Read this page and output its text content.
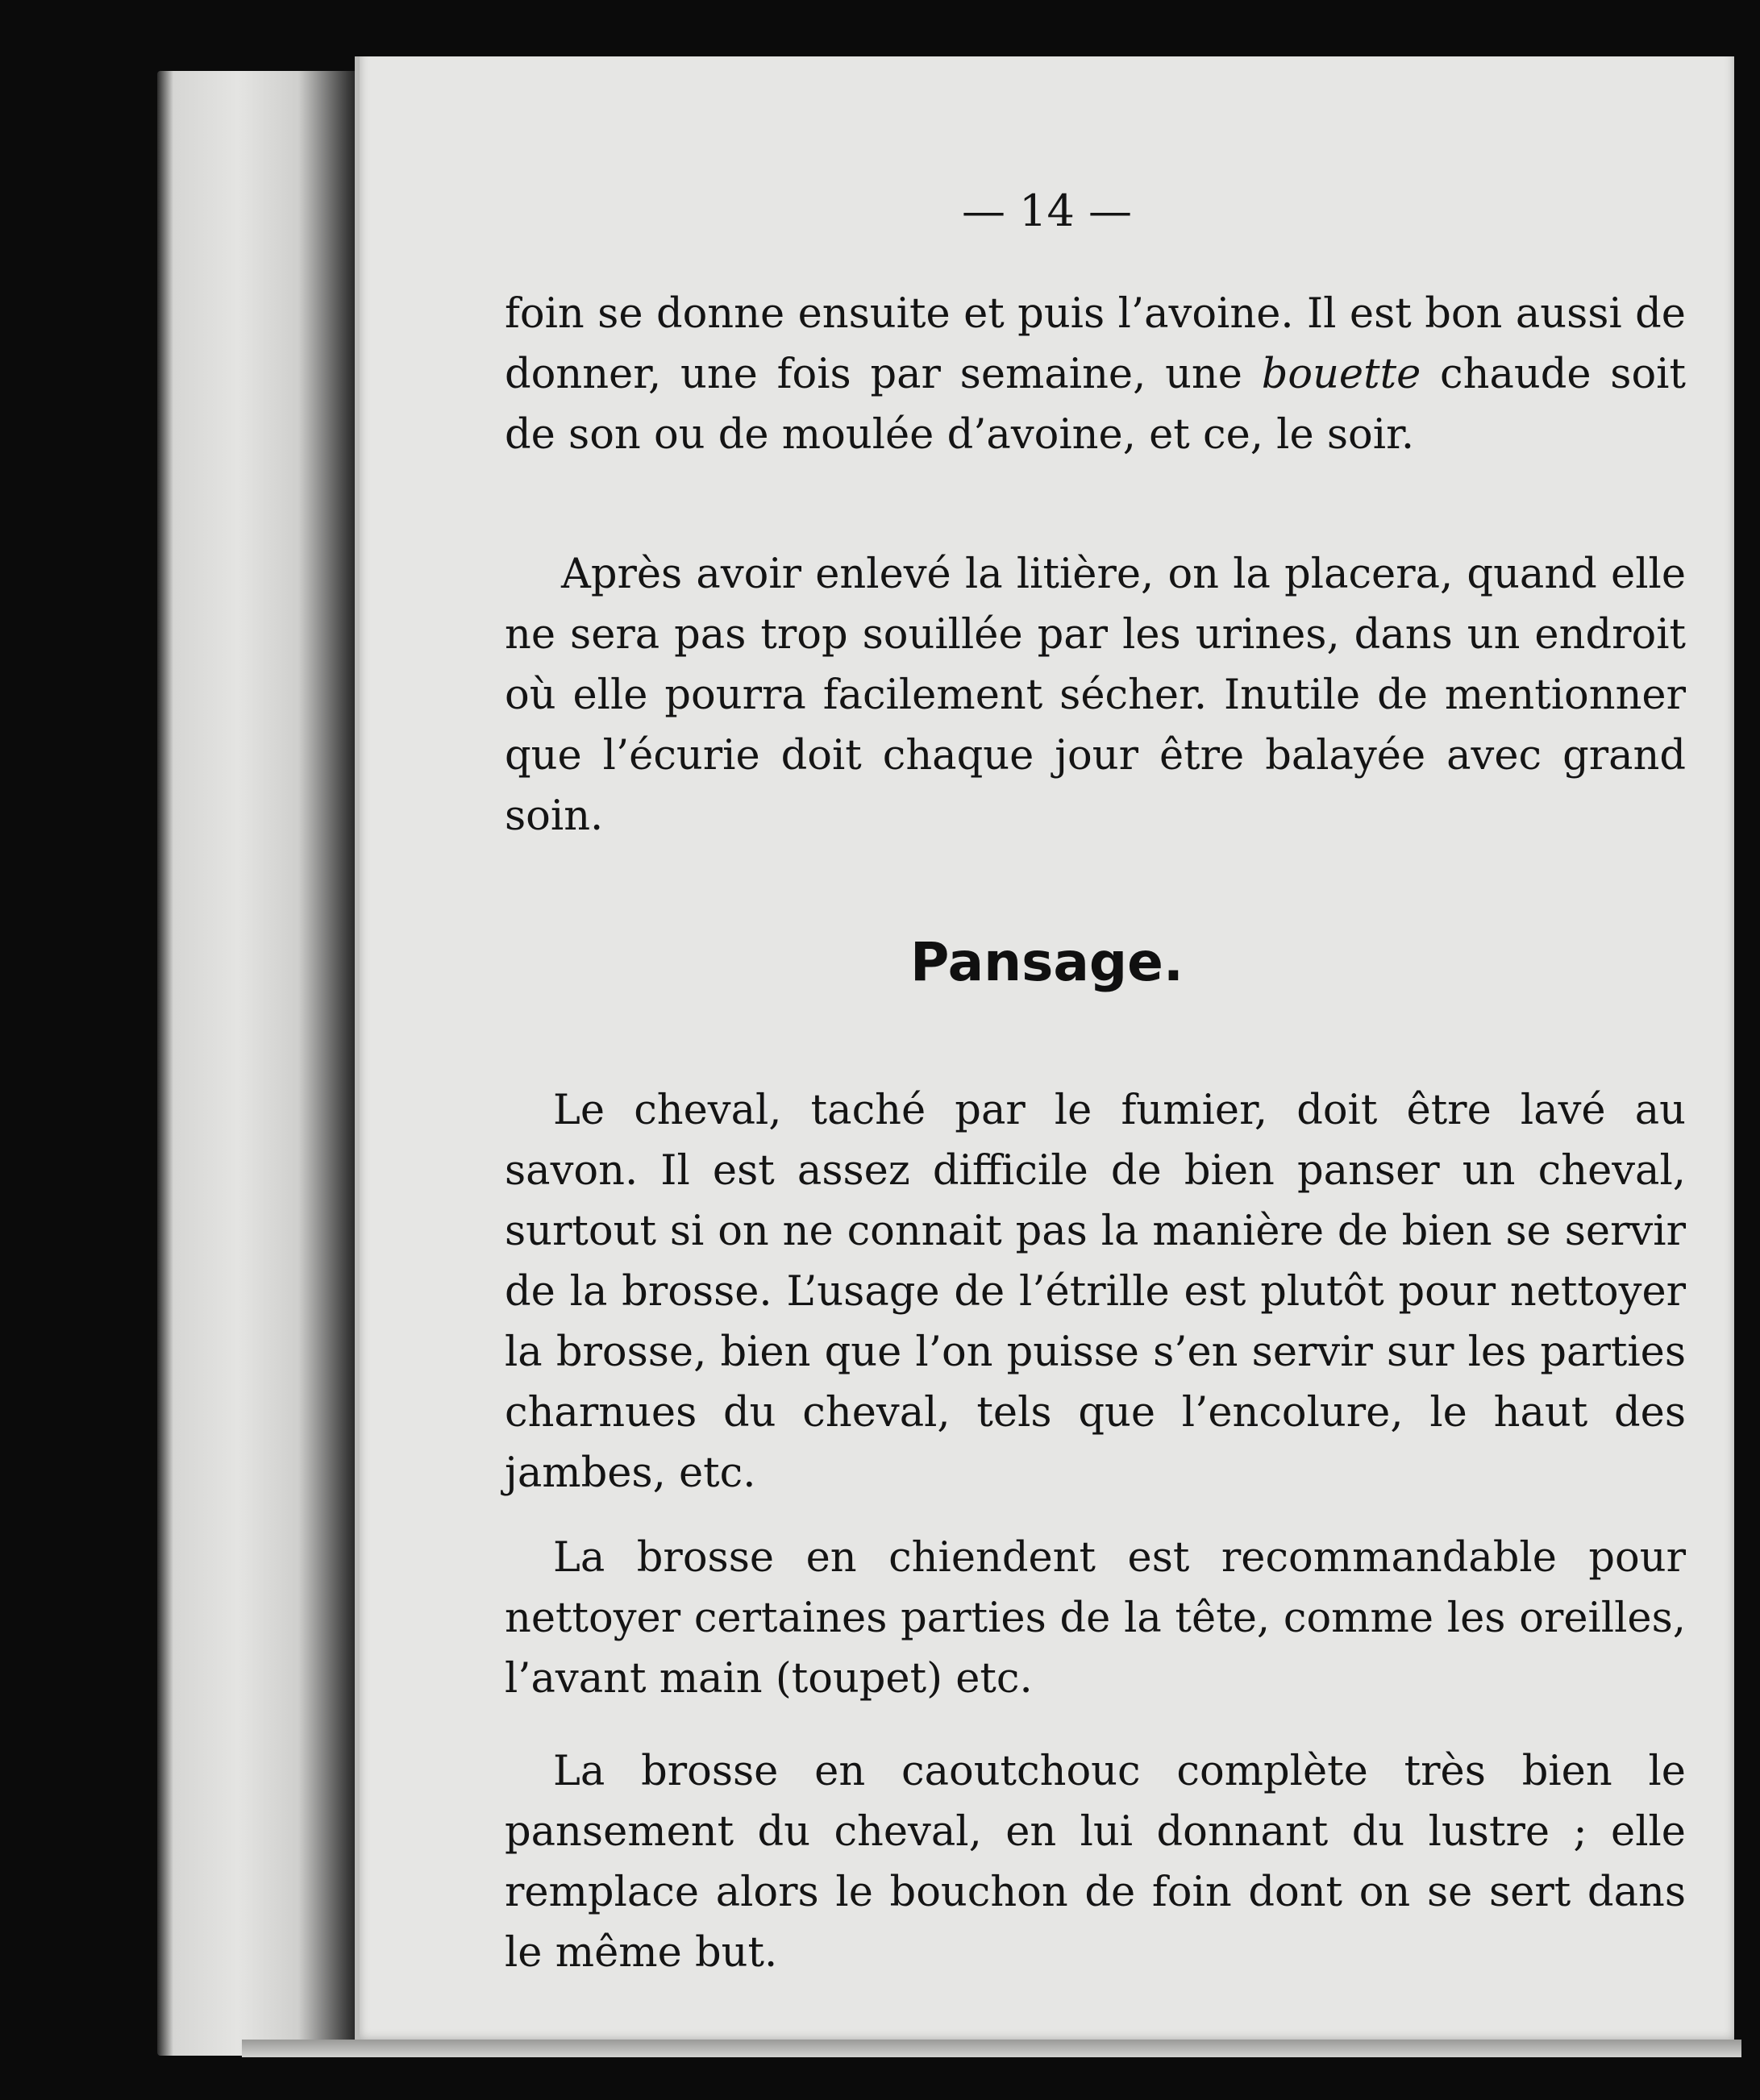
— 14 —

foin se donne ensuite et puis l’avoine. Il est bon aussi de donner, une fois par semaine, une bouette chaude soit de son ou de moulée d’avoine, et ce, le soir.

Après avoir enlevé la litière, on la placera, quand elle ne sera pas trop souillée par les urines, dans un endroit où elle pourra facilement sécher. Inutile de mentionner que l’écurie doit chaque jour être balayée avec grand soin.

Pansage.

Le cheval, taché par le fumier, doit être lavé au savon. Il est assez difficile de bien panser un cheval, surtout si on ne connait pas la manière de bien se servir de la brosse. L’usage de l’étrille est plutôt pour nettoyer la brosse, bien que l’on puisse s’en servir sur les parties charnues du cheval, tels que l’encolure, le haut des jambes, etc.

La brosse en chiendent est recommandable pour nettoyer certaines parties de la tête, comme les oreilles, l’avant main (toupet) etc.

La brosse en caoutchouc complète très bien le pansement du cheval, en lui donnant du lustre ; elle remplace alors le bouchon de foin dont on se sert dans le même but.
